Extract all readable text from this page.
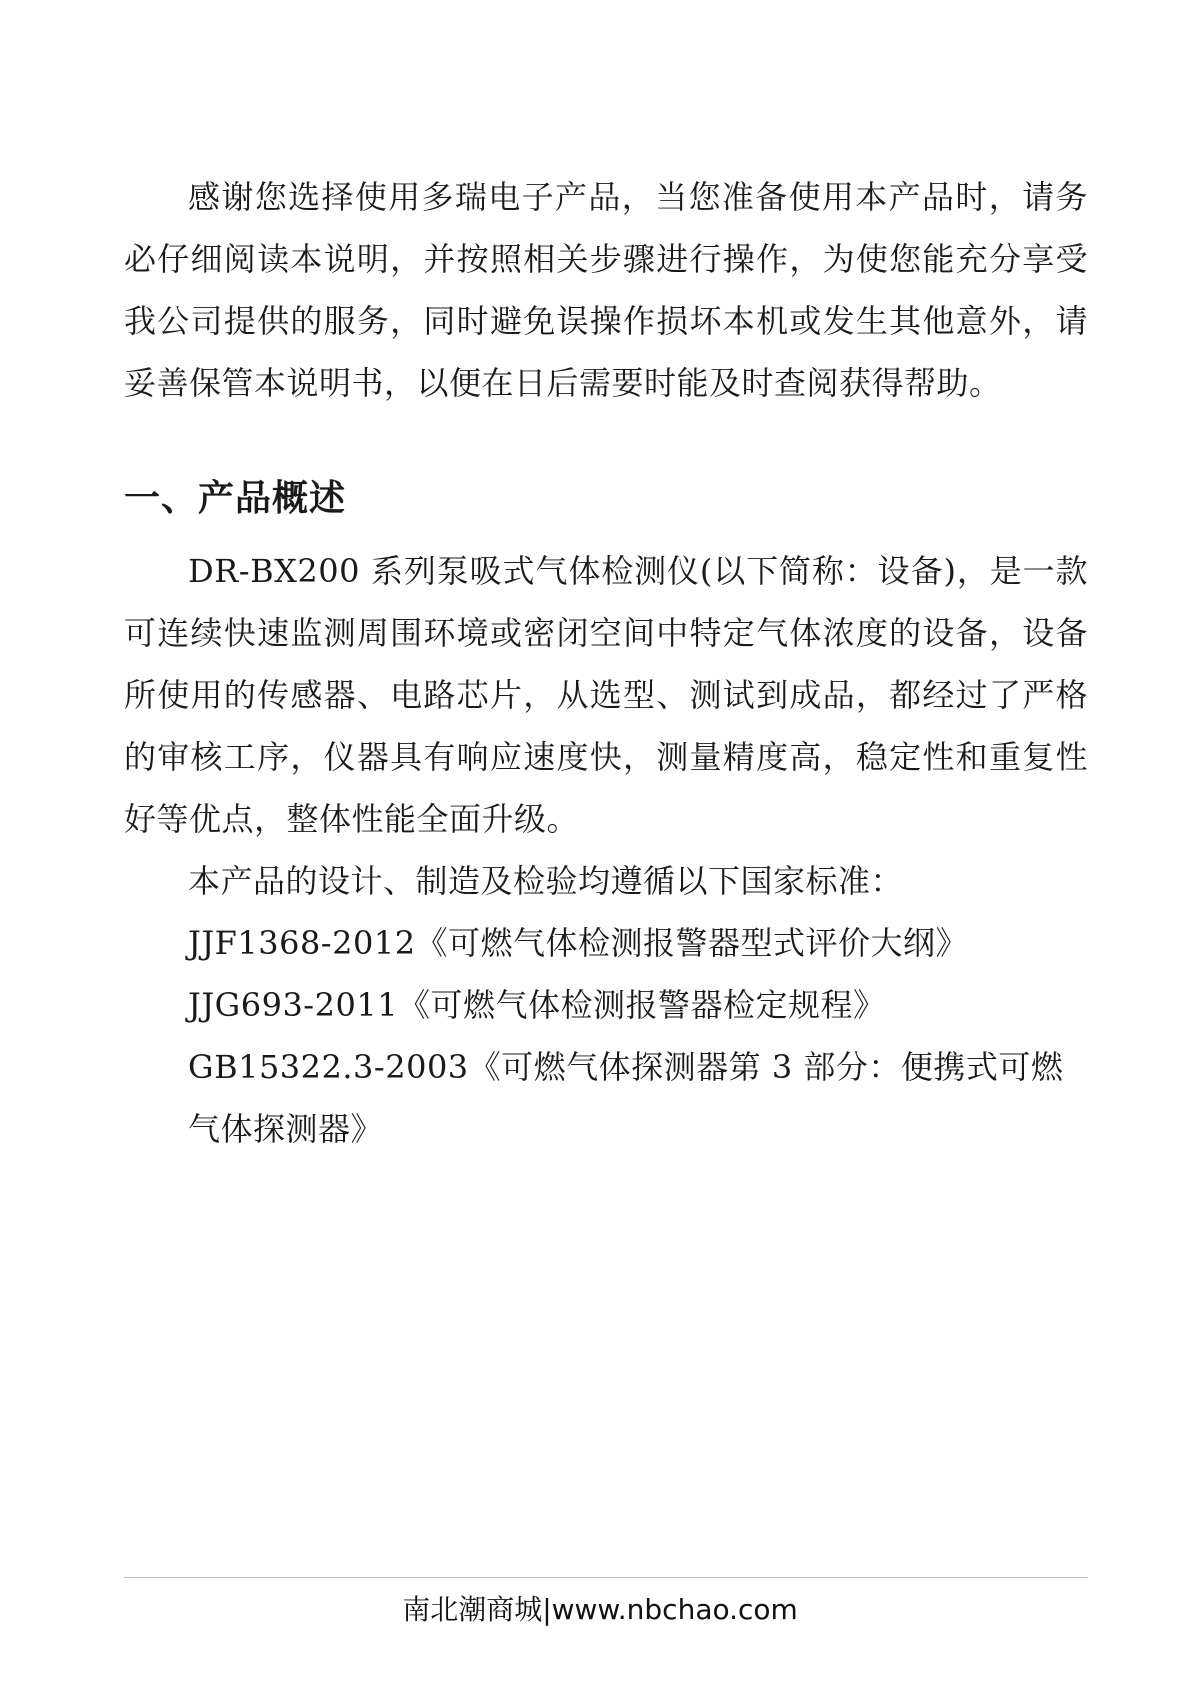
感谢您选择使用多瑞电子产品，当您准备使用本产品时，请务必仔细阅读本说明，并按照相关步骤进行操作，为使您能充分享受我公司提供的服务，同时避免误操作损坏本机或发生其他意外，请妥善保管本说明书，以便在日后需要时能及时查阅获得帮助。

一、产品概述

DR-BX200 系列泵吸式气体检测仪(以下简称：设备)，是一款可连续快速监测周围环境或密闭空间中特定气体浓度的设备，设备所使用的传感器、电路芯片，从选型、测试到成品，都经过了严格的审核工序，仪器具有响应速度快，测量精度高，稳定性和重复性好等优点，整体性能全面升级。

本产品的设计、制造及检验均遵循以下国家标准：

JJF1368-2012《可燃气体检测报警器型式评价大纲》
JJG693-2011《可燃气体检测报警器检定规程》
GB15322.3-2003《可燃气体探测器第 3 部分：便携式可燃气体探测器》
南北潮商城|www.nbchao.com
